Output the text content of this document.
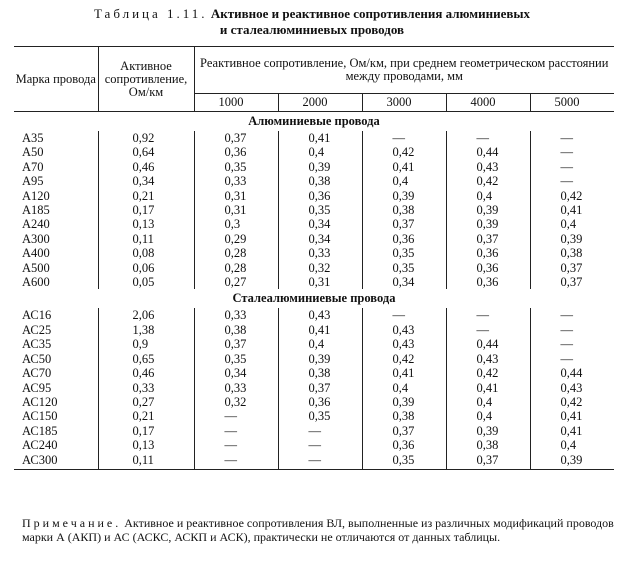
Таблица 1.11. Активное и реактивное сопротивления алюминиевых
и сталеалюминиевых проводов
Марка провода	Активное сопротивление, Ом/км	Реактивное сопротивление, Ом/км, при среднем геометрическом расстоянии между проводами, мм				
		1000	2000	3000	4000	5000
Алюминиевые провода						
А35	0,92	0,37	0,41	—	—	—
А50	0,64	0,36	0,4	0,42	0,44	—
А70	0,46	0,35	0,39	0,41	0,43	—
А95	0,34	0,33	0,38	0,4	0,42	—
А120	0,21	0,31	0,36	0,39	0,4	0,42
А185	0,17	0,31	0,35	0,38	0,39	0,41
А240	0,13	0,3	0,34	0,37	0,39	0,4
А300	0,11	0,29	0,34	0,36	0,37	0,39
А400	0,08	0,28	0,33	0,35	0,36	0,38
А500	0,06	0,28	0,32	0,35	0,36	0,37
А600	0,05	0,27	0,31	0,34	0,36	0,37
Сталеалюминиевые провода						
АС16	2,06	0,33	0,43	—	—	—
АС25	1,38	0,38	0,41	0,43	—	—
АС35	0,9	0,37	0,4	0,43	0,44	—
АС50	0,65	0,35	0,39	0,42	0,43	—
АС70	0,46	0,34	0,38	0,41	0,42	0,44
АС95	0,33	0,33	0,37	0,4	0,41	0,43
АС120	0,27	0,32	0,36	0,39	0,4	0,42
АС150	0,21	—	0,35	0,38	0,4	0,41
АС185	0,17	—	—	0,37	0,39	0,41
АС240	0,13	—	—	0,36	0,38	0,4
АС300	0,11	—	—	0,35	0,37	0,39
Примечание. Активное и реактивное сопротивления ВЛ, выполненные из различных модификаций проводов марки А (АКП) и АС (АСКС, АСКП и АСК), практически не отличаются от данных таблицы.
